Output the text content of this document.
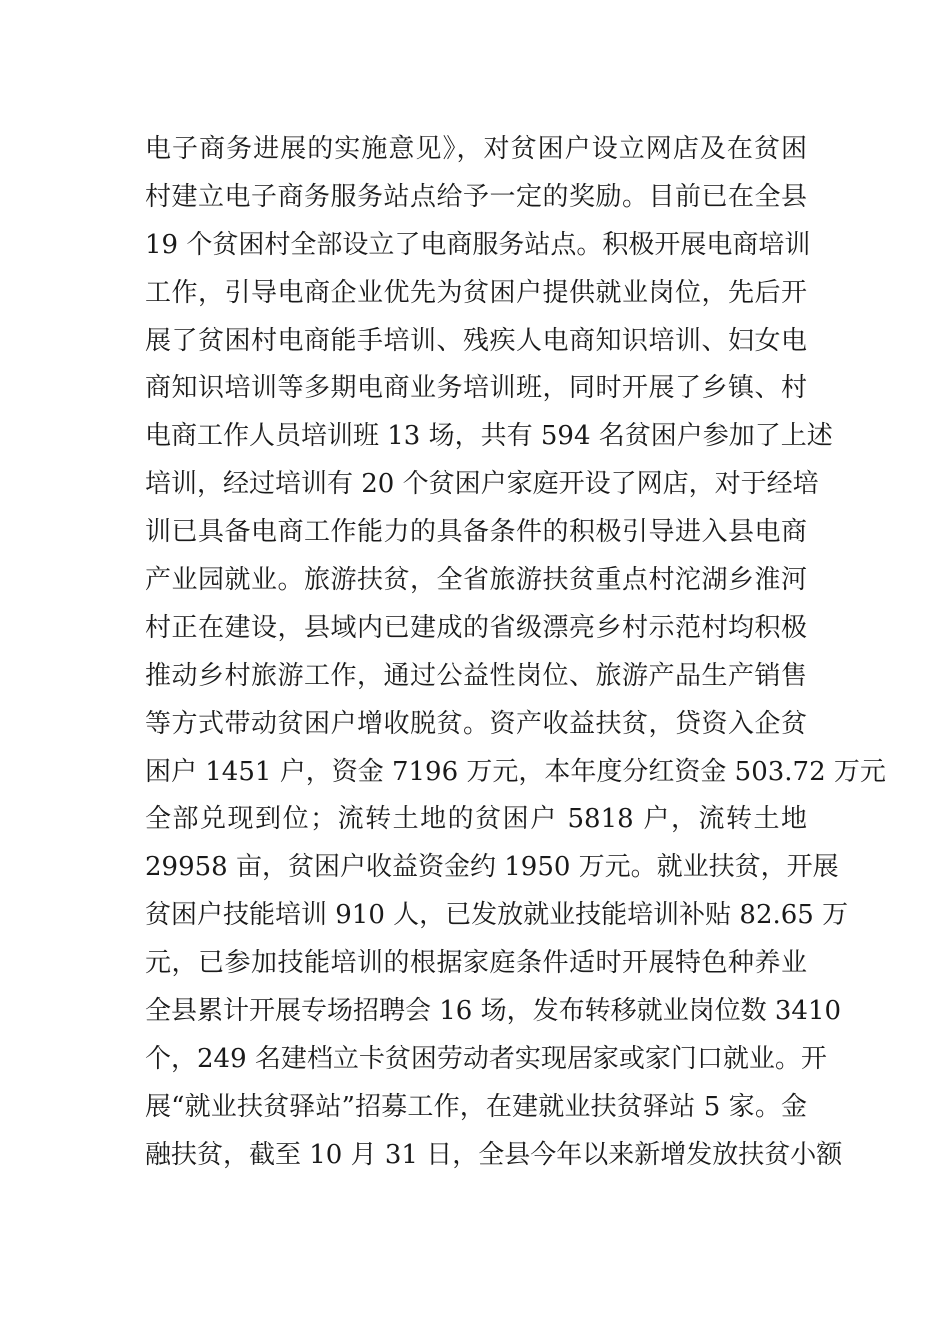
电子商务进展的实施意见》，对贫困户设立网店及在贫困
村建立电子商务服务站点给予一定的奖励。目前已在全县
19 个贫困村全部设立了电商服务站点。积极开展电商培训
工作，引导电商企业优先为贫困户提供就业岗位，先后开
展了贫困村电商能手培训、残疾人电商知识培训、妇女电
商知识培训等多期电商业务培训班，同时开展了乡镇、村
电商工作人员培训班 13 场，共有 594 名贫困户参加了上述
培训，经过培训有 20 个贫困户家庭开设了网店，对于经培
训已具备电商工作能力的具备条件的积极引导进入县电商
产业园就业。旅游扶贫，全省旅游扶贫重点村沱湖乡淮河
村正在建设，县域内已建成的省级漂亮乡村示范村均积极
推动乡村旅游工作，通过公益性岗位、旅游产品生产销售
等方式带动贫困户增收脱贫。资产收益扶贫，贷资入企贫
困户 1451 户，资金 7196 万元，本年度分红资金 503.72 万元
全部兑现到位；流转土地的贫困户 5818 户，流转土地
29958 亩，贫困户收益资金约 1950 万元。就业扶贫，开展
贫困户技能培训 910 人，已发放就业技能培训补贴 82.65 万
元，已参加技能培训的根据家庭条件适时开展特色种养业
全县累计开展专场招聘会 16 场，发布转移就业岗位数 3410
个，249 名建档立卡贫困劳动者实现居家或家门口就业。开
展“就业扶贫驿站”招募工作，在建就业扶贫驿站 5 家。金
融扶贫，截至 10 月 31 日，全县今年以来新增发放扶贫小额
